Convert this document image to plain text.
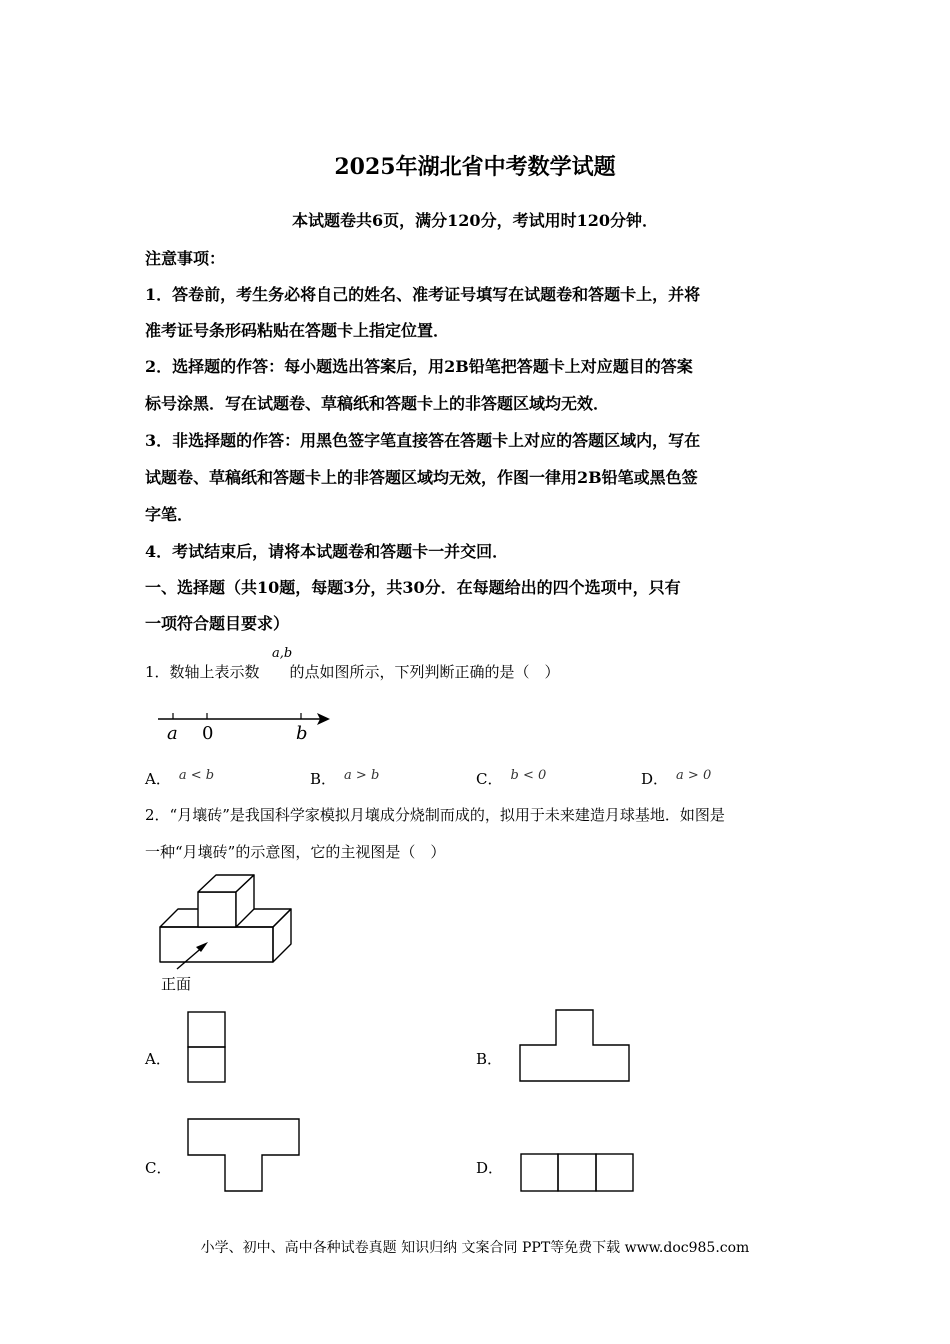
2025年湖北省中考数学试题
本试题卷共6页，满分120分，考试用时120分钟．
注意事项：
1．答卷前，考生务必将自己的姓名、准考证号填写在试题卷和答题卡上，并将
准考证号条形码粘贴在答题卡上指定位置．
2．选择题的作答：每小题选出答案后，用2B铅笔把答题卡上对应题目的答案
标号涂黑．写在试题卷、草稿纸和答题卡上的非答题区域均无效．
3．非选择题的作答：用黑色签字笔直接答在答题卡上对应的答题区域内，写在
试题卷、草稿纸和答题卡上的非答题区域均无效，作图一律用2B铅笔或黑色签
字笔．
4．考试结束后，请将本试题卷和答题卡一并交回．
一、选择题（共10题，每题3分，共30分．在每题给出的四个选项中，只有
一项符合题目要求）
1．数轴上表示数 的点如图所示，下列判断正确的是（　）
a,b
a 0	b
A． a < b	B． a > b	C． b < 0	D． a > 0
2．“月壤砖”是我国科学家模拟月壤成分烧制而成的，拟用于未来建造月球基地．如图是
一种“月壤砖”的示意图，它的主视图是（　）
正面
A．	B．
C．	D．
小学、初中、高中各种试卷真题 知识归纳 文案合同 PPT等免费下载 www.doc985.com
